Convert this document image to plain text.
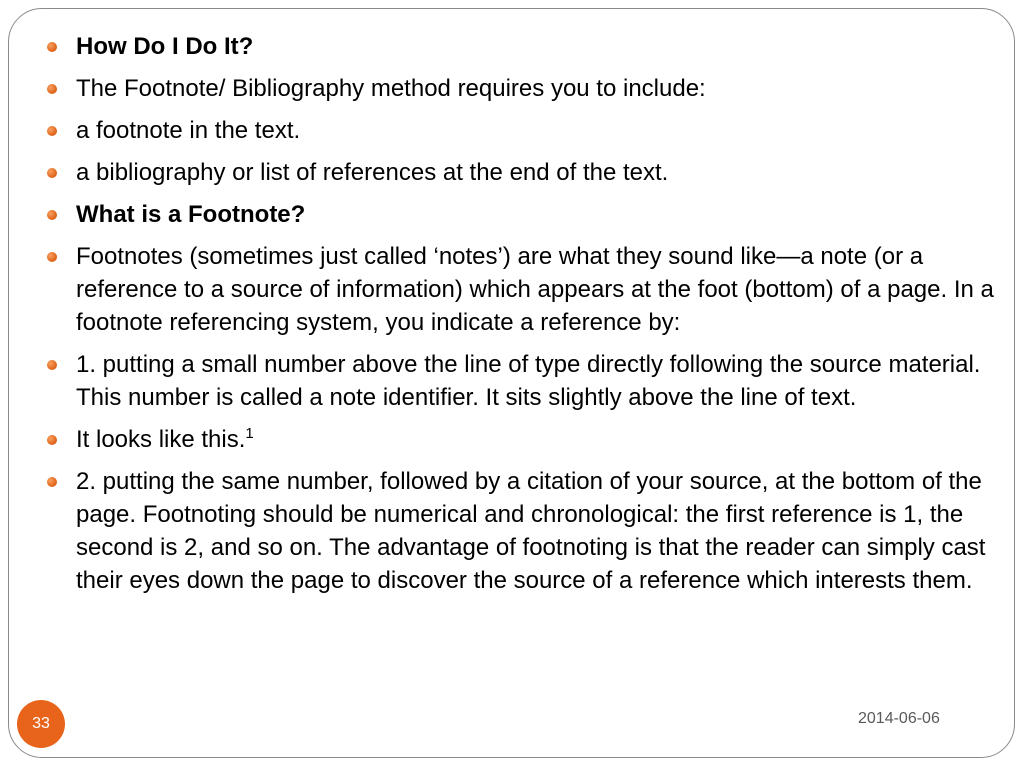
How Do I Do It?
The Footnote/ Bibliography method requires you to include:
a footnote in the text.
a bibliography or list of references at the end of the text.
What is a Footnote?
Footnotes (sometimes just called ‘notes’) are what they sound like—a note (or a reference to a source of information) which appears at the foot (bottom) of a page. In a footnote referencing system, you indicate a reference by:
1. putting a small number above the line of type directly following the source material. This number is called a note identifier. It sits slightly above the line of text.
It looks like this.$^1$
2. putting the same number, followed by a citation of your source, at the bottom of the page. Footnoting should be numerical and chronological: the first reference is 1, the second is 2, and so on. The advantage of footnoting is that the reader can simply cast their eyes down the page to discover the source of a reference which interests them.
33	2014-06-06
